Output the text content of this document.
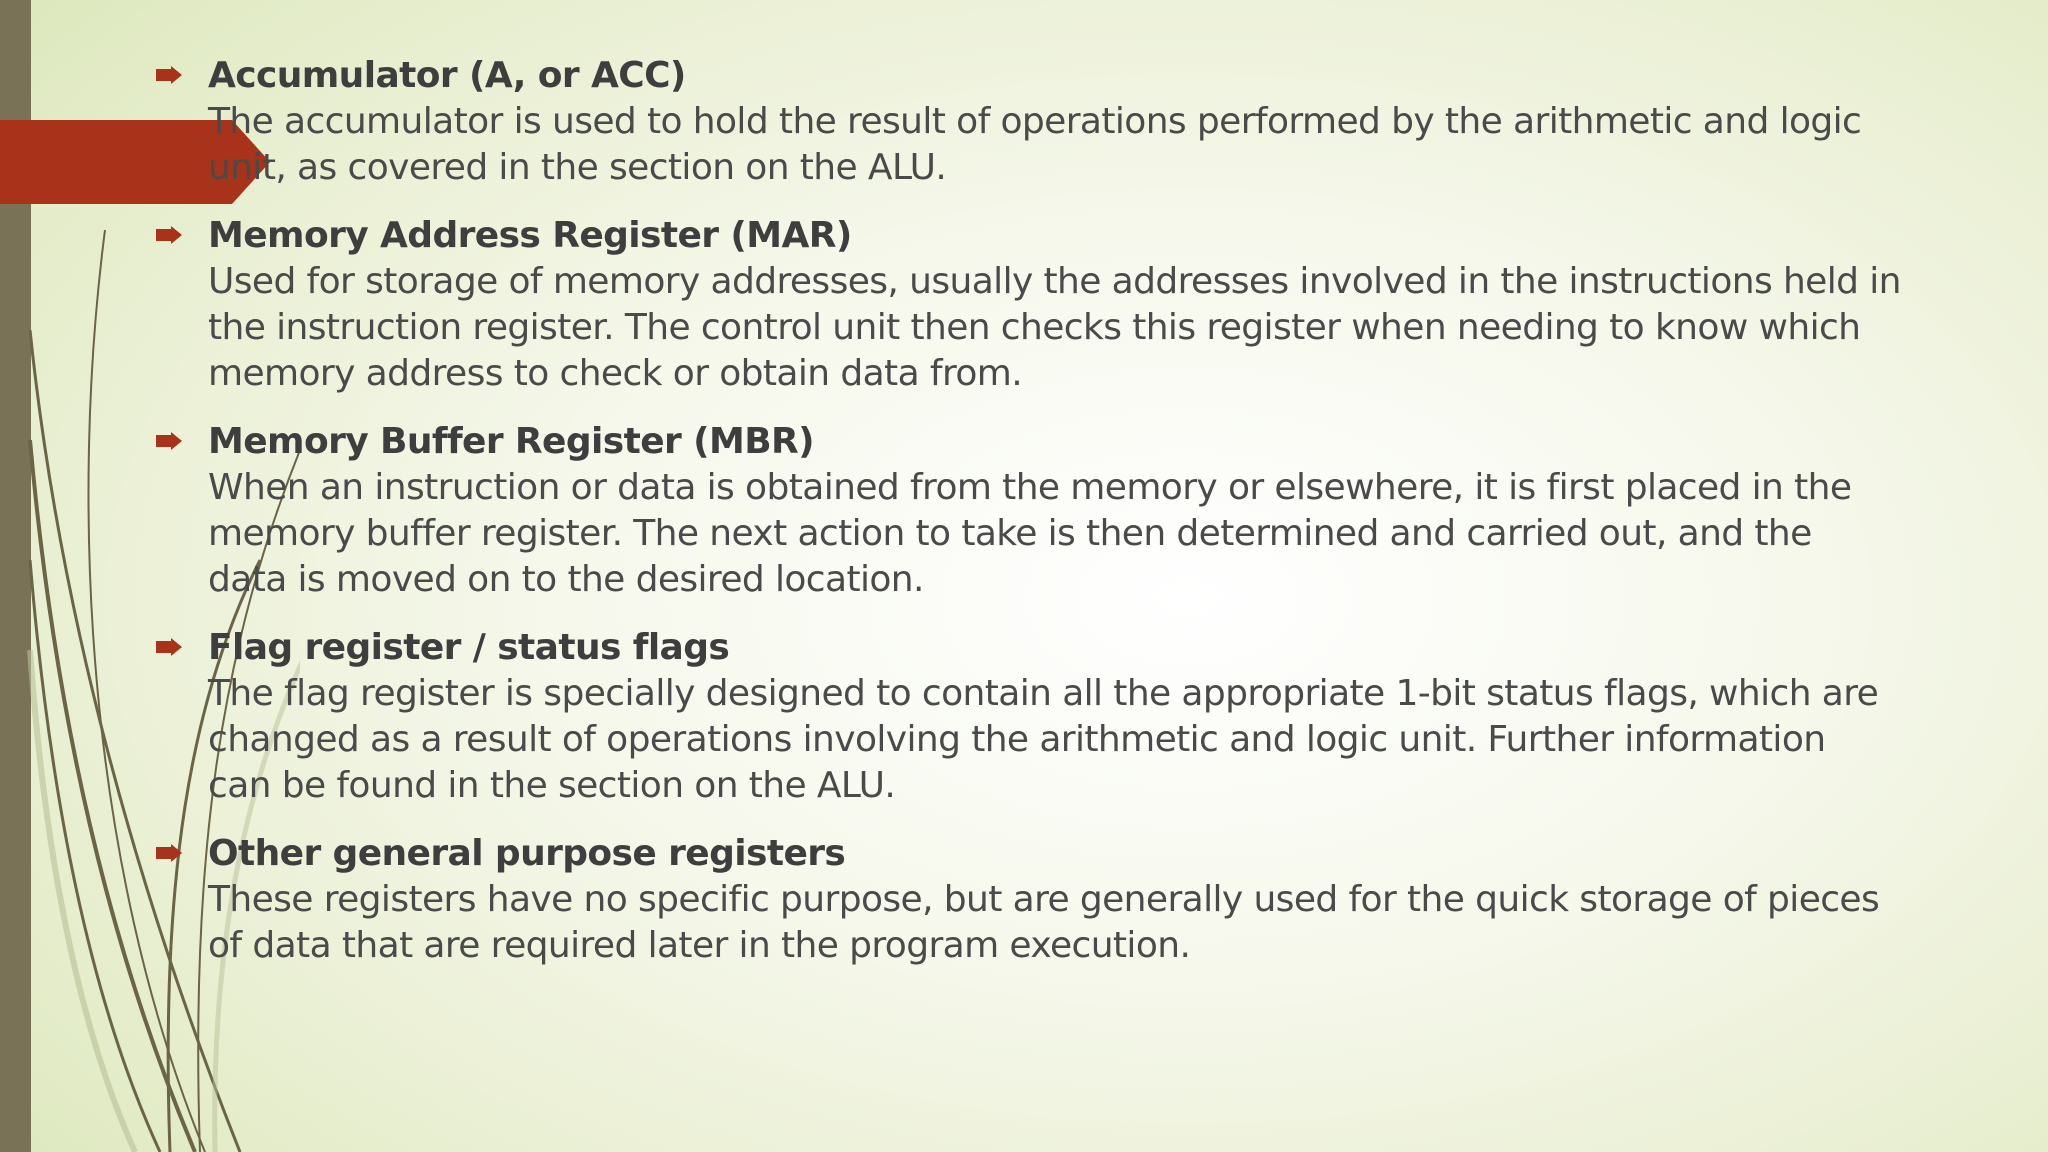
Accumulator (A, or ACC)
The accumulator is used to hold the result of operations performed by the arithmetic and logic
unit, as covered in the section on the ALU.
Memory Address Register (MAR)
Used for storage of memory addresses, usually the addresses involved in the instructions held in
the instruction register. The control unit then checks this register when needing to know which
memory address to check or obtain data from.
Memory Buffer Register (MBR)
When an instruction or data is obtained from the memory or elsewhere, it is first placed in the
memory buffer register. The next action to take is then determined and carried out, and the
data is moved on to the desired location.
Flag register / status flags
The flag register is specially designed to contain all the appropriate 1-bit status flags, which are
changed as a result of operations involving the arithmetic and logic unit. Further information
can be found in the section on the ALU.
Other general purpose registers
These registers have no specific purpose, but are generally used for the quick storage of pieces
of data that are required later in the program execution.
